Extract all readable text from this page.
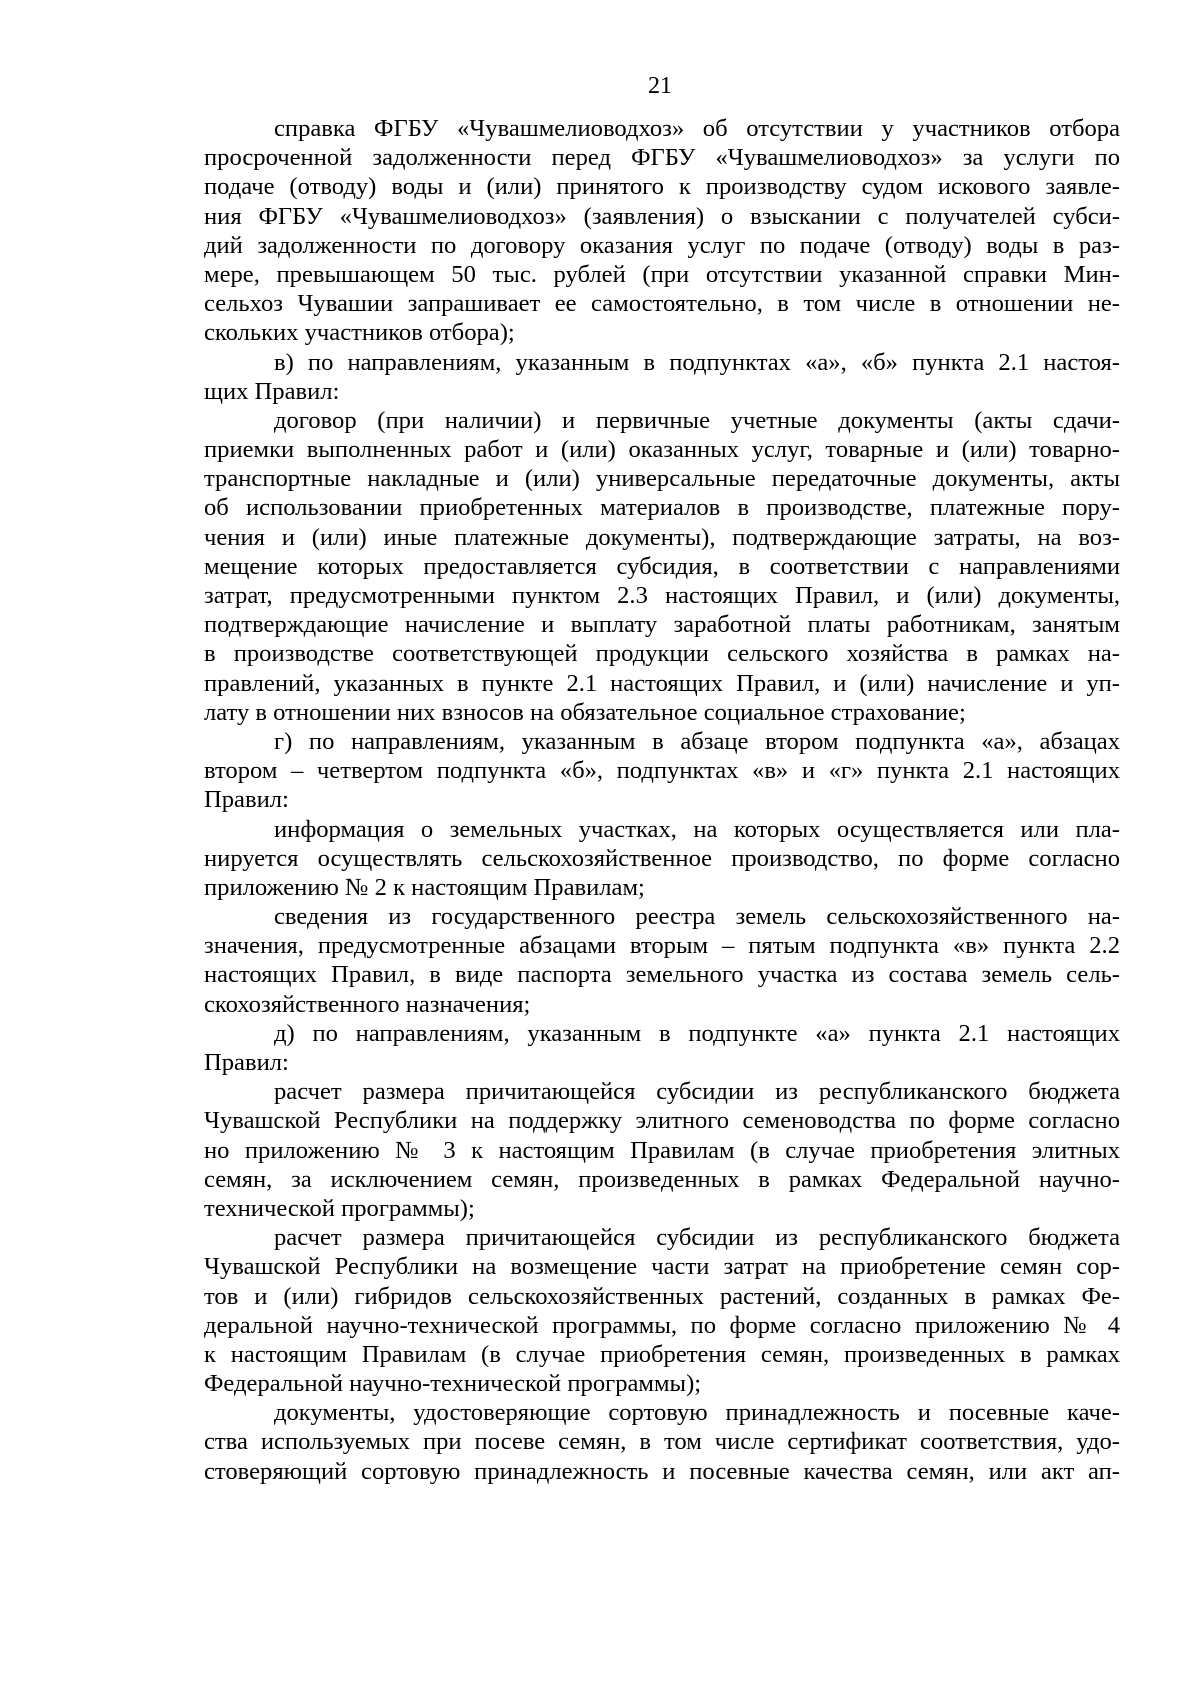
21
справка ФГБУ «Чувашмелиоводхоз» об отсутствии у участников отбора
просроченной задолженности перед ФГБУ «Чувашмелиоводхоз» за услуги по
подаче (отводу) воды и (или) принятого к производству судом искового заявле-
ния ФГБУ «Чувашмелиоводхоз» (заявления) о взыскании с получателей субси-
дий задолженности по договору оказания услуг по подаче (отводу) воды в раз-
мере, превышающем 50 тыс. рублей (при отсутствии указанной справки Мин-
сельхоз Чувашии запрашивает ее самостоятельно, в том числе в отношении не-
скольких участников отбора);
в) по направлениям, указанным в подпунктах «а», «б» пункта 2.1 настоя-
щих Правил:
договор (при наличии) и первичные учетные документы (акты сдачи-
приемки выполненных работ и (или) оказанных услуг, товарные и (или) товарно-
транспортные накладные и (или) универсальные передаточные документы, акты
об использовании приобретенных материалов в производстве, платежные пору-
чения и (или) иные платежные документы), подтверждающие затраты, на воз-
мещение которых предоставляется субсидия, в соответствии с направлениями
затрат, предусмотренными пунктом 2.3 настоящих Правил, и (или) документы,
подтверждающие начисление и выплату заработной платы работникам, занятым
в производстве соответствующей продукции сельского хозяйства в рамках на-
правлений, указанных в пункте 2.1 настоящих Правил, и (или) начисление и уп-
лату в отношении них взносов на обязательное социальное страхование;
г) по направлениям, указанным в абзаце втором подпункта «а», абзацах
втором – четвертом подпункта «б», подпунктах «в» и «г» пункта 2.1 настоящих
Правил:
информация о земельных участках, на которых осуществляется или пла-
нируется осуществлять сельскохозяйственное производство, по форме согласно
приложению № 2 к настоящим Правилам;
сведения из государственного реестра земель сельскохозяйственного на-
значения, предусмотренные абзацами вторым – пятым подпункта «в» пункта 2.2
настоящих Правил, в виде паспорта земельного участка из состава земель сель-
скохозяйственного назначения;
д) по направлениям, указанным в подпункте «а» пункта 2.1 настоящих
Правил:
расчет размера причитающейся субсидии из республиканского бюджета
Чувашской Республики на поддержку элитного семеноводства по форме согласно
но приложению № 3 к настоящим Правилам (в случае приобретения элитных
семян, за исключением семян, произведенных в рамках Федеральной научно-
технической программы);
расчет размера причитающейся субсидии из республиканского бюджета
Чувашской Республики на возмещение части затрат на приобретение семян сор-
тов и (или) гибридов сельскохозяйственных растений, созданных в рамках Фе-
деральной научно-технической программы, по форме согласно приложению № 4
к настоящим Правилам (в случае приобретения семян, произведенных в рамках
Федеральной научно-технической программы);
документы, удостоверяющие сортовую принадлежность и посевные каче-
ства используемых при посеве семян, в том числе сертификат соответствия, удо-
стоверяющий сортовую принадлежность и посевные качества семян, или акт ап-
